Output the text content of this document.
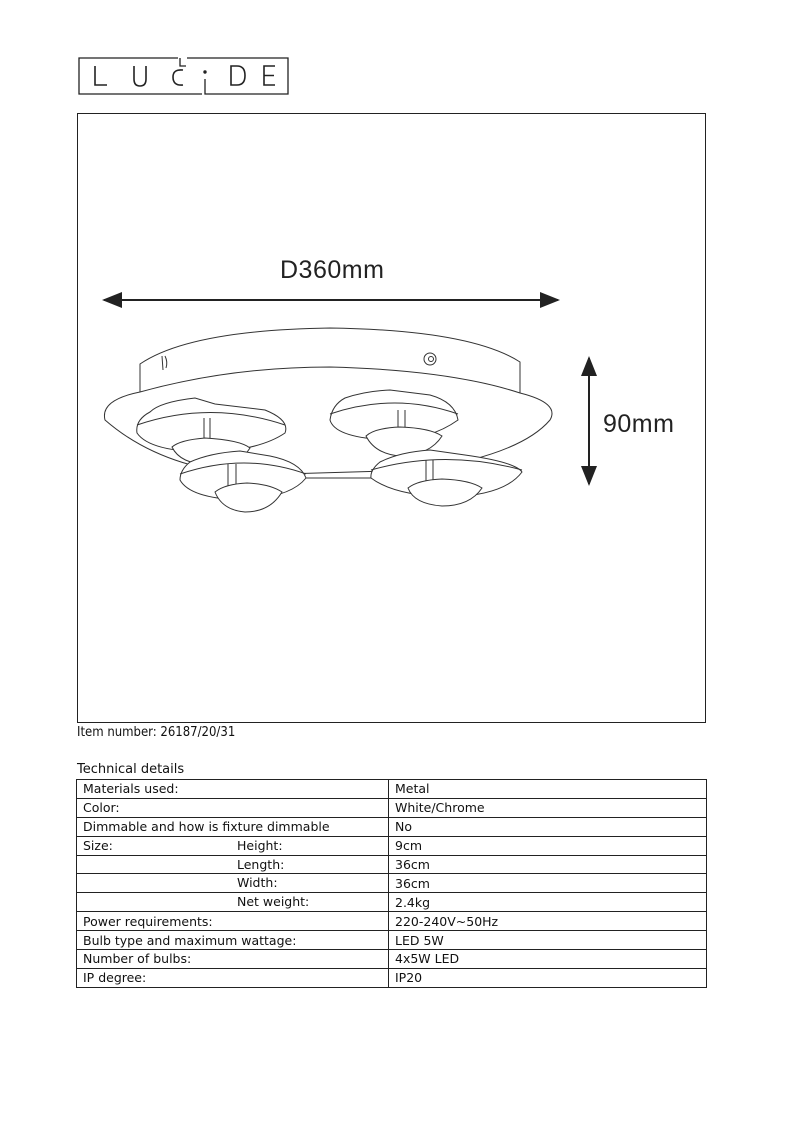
D360mm
90mm
Item number: 26187/20/31
Technical details
Materials used:	Metal
Color:	White/Chrome
Dimmable and how is fixture dimmable	No
Size: Height:	9cm

Length:	36cm

Width:	36cm

Net weight:	2.4kg
Power requirements:	220-240V~50Hz
Bulb type and maximum wattage:	LED 5W
Number of bulbs:	4x5W LED
IP degree:	IP20
